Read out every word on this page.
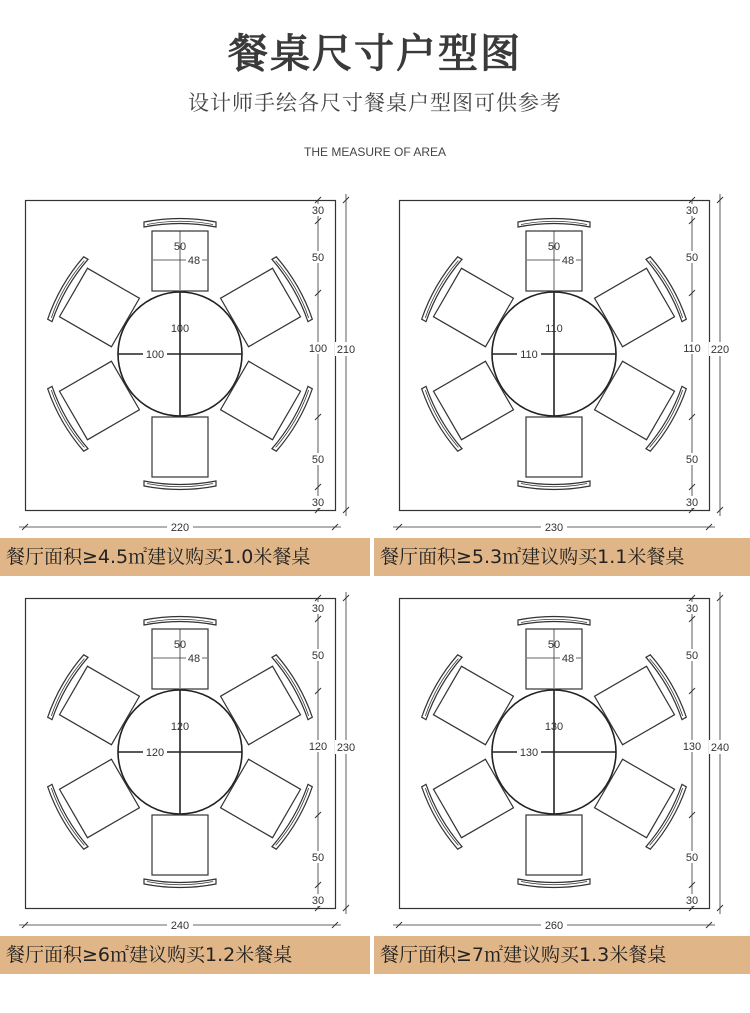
餐桌尺寸户型图
设计师手绘各尺寸餐桌户型图可供参考
THE MEASURE OF AREA
100
100
50
48
30
50
100
50
30
210
220
餐厅面积≥4.5㎡建议购买1.0米餐桌
110
110
50
48
30
50
110
50
30
220
230
餐厅面积≥5.3㎡建议购买1.1米餐桌
120
120
50
48
30
50
120
50
30
230
240
餐厅面积≥6㎡建议购买1.2米餐桌
130
130
50
48
30
50
130
50
30
240
260
餐厅面积≥7㎡建议购买1.3米餐桌
